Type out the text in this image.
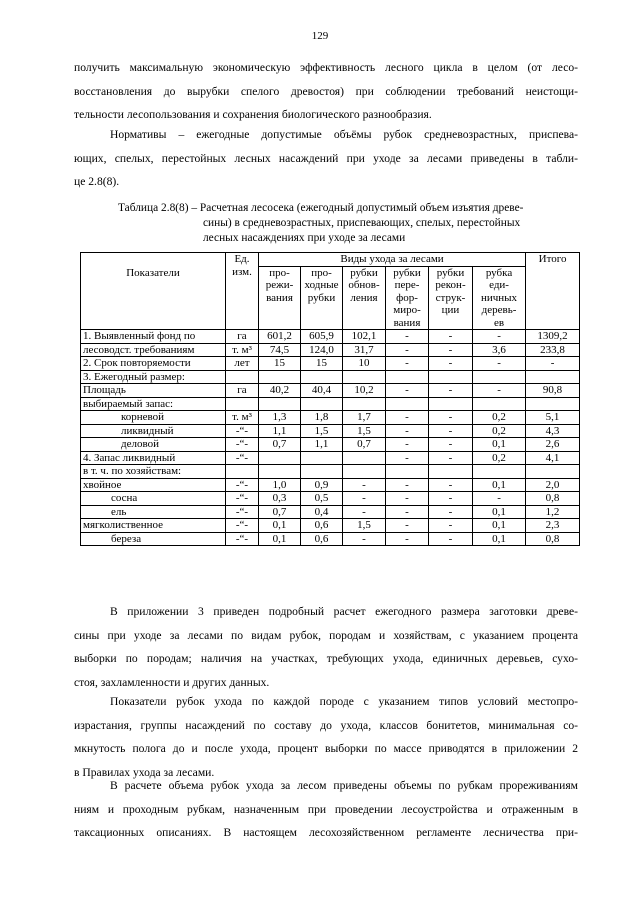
129
получить максимальную экономическую эффективность лесного цикла в целом (от лесо-
восстановления до вырубки спелого древостоя) при соблюдении требований неистощи-
тельности лесопользования и сохранения биологического разнообразия.
Нормативы – ежегодные допустимые объёмы рубок средневозрастных, приспева-
ющих, спелых, перестойных лесных насаждений при уходе за лесами приведены в табли-
це 2.8(8).
Таблица 2.8(8) – Расчетная лесосека (ежегодный допустимый объем изъятия древе-
сины) в средневозрастных, приспевающих, спелых, перестойных
лесных насаждениях при уходе за лесами
Показатели	Ед.
изм.	Виды ухода за лесами						Итого
		про-
режи-
вания	про-
ходные
рубки	рубки
обнов-
ления	рубки
пере-
фор-
миро-
вания	рубки
рекон-
струк-
ции	рубка
еди-
ничных
деревь-
ев	
1. Выявленный фонд по	га	601,2	605,9	102,1	-	-	-	1309,2
лесоводст. требованиям	т. м³	74,5	124,0	31,7	-	-	3,6	233,8
2. Срок повторяемости	лет	15	15	10	-	-	-	-
3. Ежегодный размер:								
Площадь	га	40,2	40,4	10,2	-	-	-	90,8
выбираемый запас:								
корневой	т. м³	1,3	1,8	1,7	-	-	0,2	5,1
ликвидный	-“-	1,1	1,5	1,5	-	-	0,2	4,3
деловой	-“-	0,7	1,1	0,7	-	-	0,1	2,6
4. Запас ликвидный	-“-				-	-	0,2	4,1
в т. ч. по хозяйствам:								
хвойное	-“-	1,0	0,9	-	-	-	0,1	2,0
сосна	-“-	0,3	0,5	-	-	-	-	0,8
ель	-“-	0,7	0,4	-	-	-	0,1	1,2
мягколиственное	-“-	0,1	0,6	1,5	-	-	0,1	2,3
береза	-“-	0,1	0,6	-	-	-	0,1	0,8
В приложении 3 приведен подробный расчет ежегодного размера заготовки древе-
сины при уходе за лесами по видам рубок, породам и хозяйствам, с указанием процента
выборки по породам; наличия на участках, требующих ухода, единичных деревьев, сухо-
стоя, захламленности и других данных.
Показатели рубок ухода по каждой породе с указанием типов условий местопро-
израстания, группы насаждений по составу до ухода, классов бонитетов, минимальная со-
мкнутость полога до и после ухода, процент выборки по массе приводятся в приложении 2
в Правилах ухода за лесами.
В расчете объема рубок ухода за лесом приведены объемы по рубкам прореживаниям
ниям и проходным рубкам, назначенным при проведении лесоустройства и отраженным в
таксационных описаниях. В настоящем лесохозяйственном регламенте лесничества при-
